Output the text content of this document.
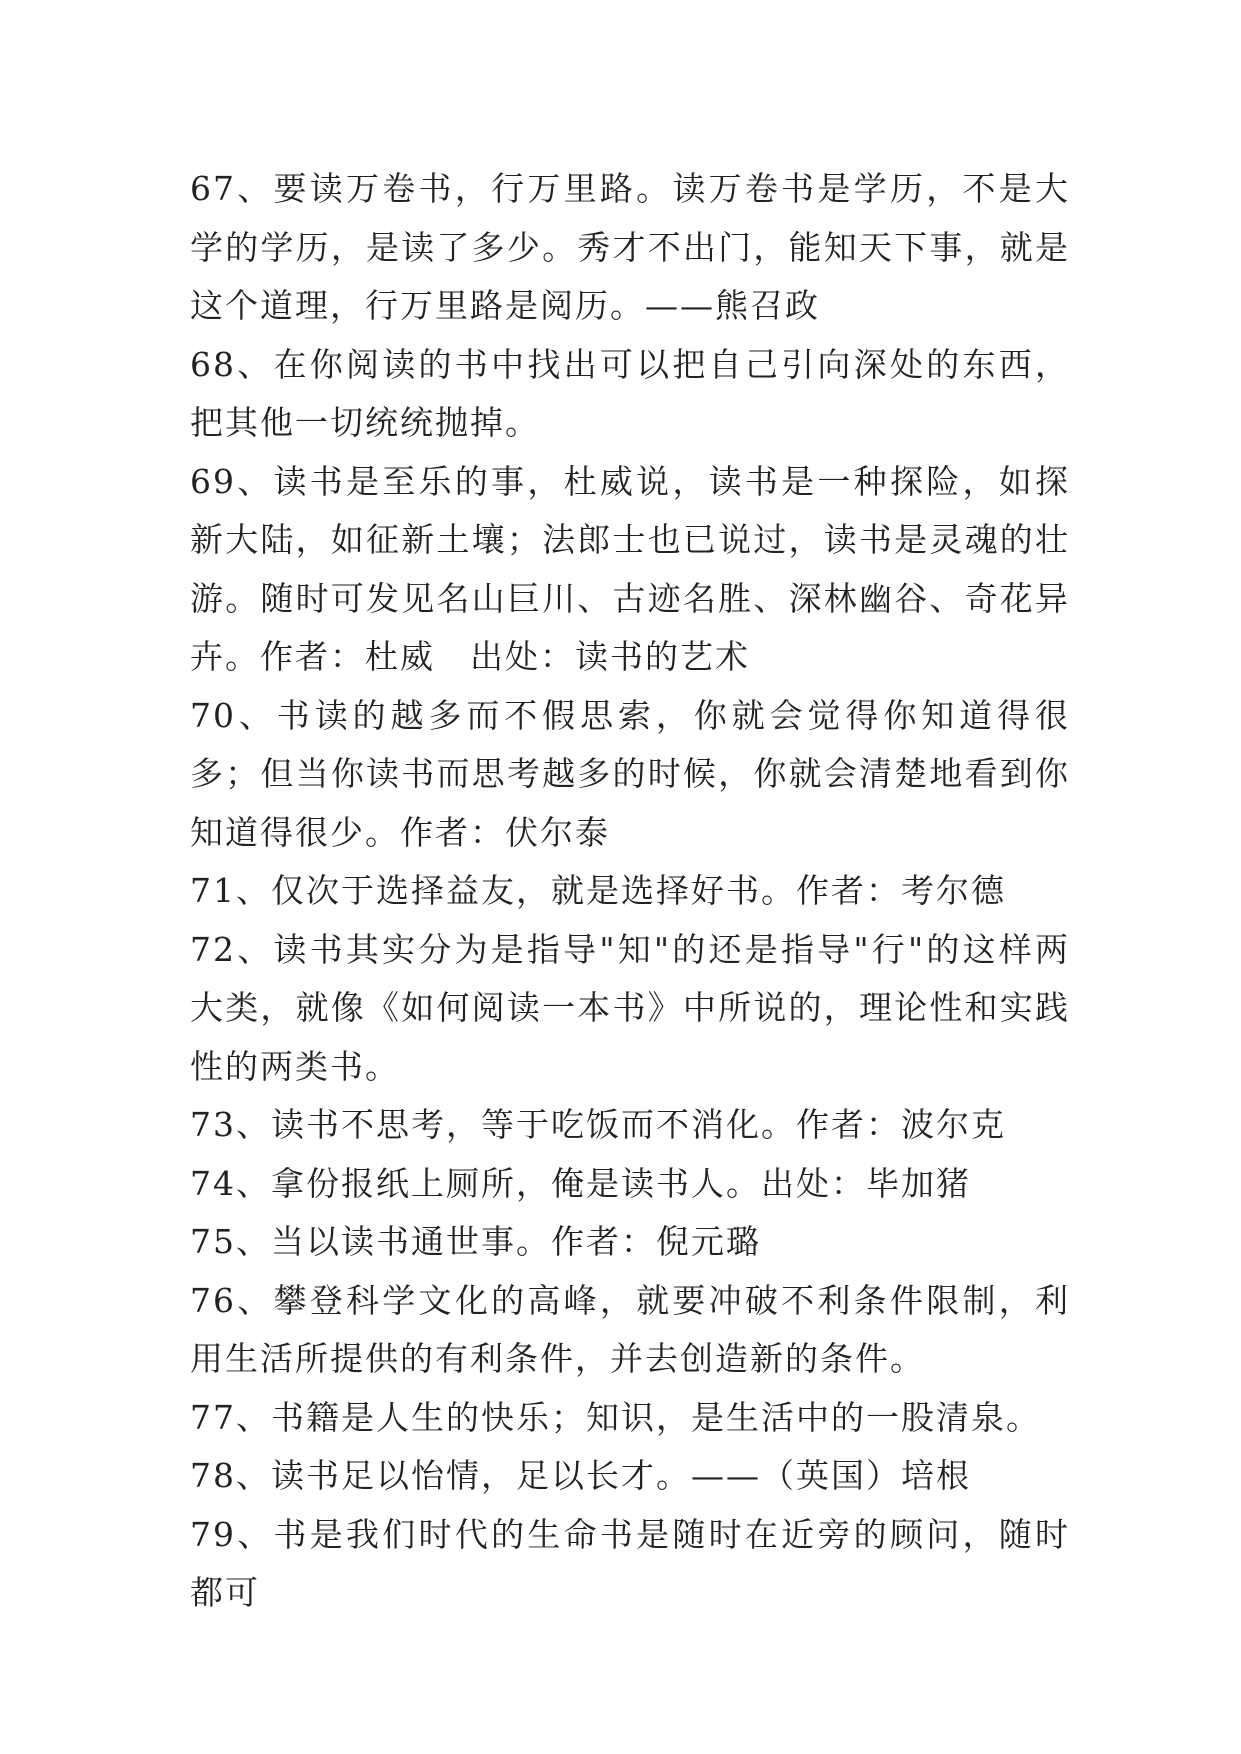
67、要读万卷书，行万里路。读万卷书是学历，不是大学的学历，是读了多少。秀才不出门，能知天下事，就是这个道理，行万里路是阅历。——熊召政

68、在你阅读的书中找出可以把自己引向深处的东西，把其他一切统统抛掉。

69、读书是至乐的事，杜威说，读书是一种探险，如探新大陆，如征新土壤；法郎士也已说过，读书是灵魂的壮游。随时可发见名山巨川、古迹名胜、深林幽谷、奇花异卉。作者：杜威　出处：读书的艺术

70、书读的越多而不假思索，你就会觉得你知道得很多；但当你读书而思考越多的时候，你就会清楚地看到你知道得很少。作者：伏尔泰

71、仅次于选择益友，就是选择好书。作者：考尔德

72、读书其实分为是指导"知"的还是指导"行"的这样两大类，就像《如何阅读一本书》中所说的，理论性和实践性的两类书。

73、读书不思考，等于吃饭而不消化。作者：波尔克

74、拿份报纸上厕所，俺是读书人。出处：毕加猪

75、当以读书通世事。作者：倪元璐

76、攀登科学文化的高峰，就要冲破不利条件限制，利用生活所提供的有利条件，并去创造新的条件。

77、书籍是人生的快乐；知识，是生活中的一股清泉。

78、读书足以怡情，足以长才。——（英国）培根

79、书是我们时代的生命书是随时在近旁的顾问，随时都可
